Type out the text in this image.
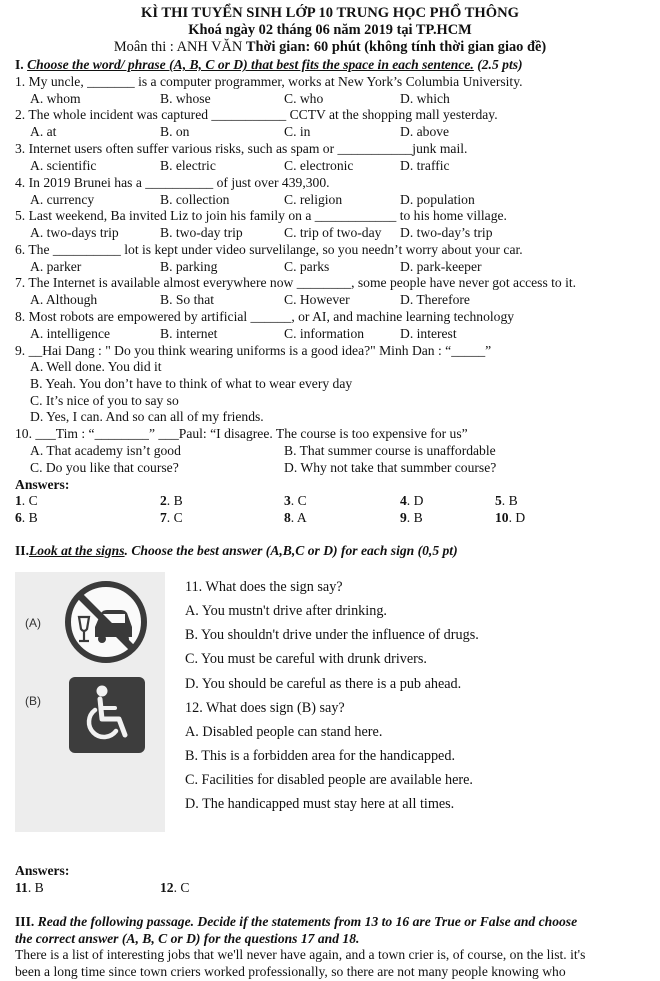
KÌ THI TUYỂN SINH LỚP 10 TRUNG HỌC PHỔ THÔNG
Khoá ngày 02 tháng 06 năm 2019 tại TP.HCM
Moân thi : ANH VĂN Thời gian: 60 phút (không tính thời gian giao đề)
I. Choose the word/ phrase (A, B, C or D) that best fits the space in each sentence. (2.5 pts)
1. My uncle, _______ is a computer programmer, works at New York’s Columbia University.
A. whom	B. whose	C. who	D. which
2. The whole incident was captured ___________ CCTV at the shopping mall yesterday.
A. at	B. on	C. in	D. above
3. Internet users often suffer various risks, such as spam or ___________junk mail.
A. scientific	B. electric	C. electronic	D. traffic
4. In 2019 Brunei has a __________ of just over 439,300.
A. currency	B. collection	C. religion	D. population
5. Last weekend, Ba invited Liz to join his family on a ____________ to his home village.
A. two-days trip	B. two-day trip	C. trip of two-day D. two-day’s trip
6. The __________ lot is kept under video survelilange, so you needn’t worry about your car.
A. parker	B. parking	C. parks	D. park-keeper
7. The Internet is available almost everywhere now ________, some people have never got access to it.
A. Although	B. So that	C. However	D. Therefore
8. Most robots are empowered by artificial ______, or AI, and machine learning technology
A. intelligence	B. internet	C. information	D. interest
9. __Hai Dang : " Do you think wearing uniforms is a good idea?" Minh Dan : “_____”
A. Well done. You did it
B. Yeah. You don’t have to think of what to wear every day
C. It’s nice of you to say so
D. Yes, I can. And so can all of my friends.
10. ___Tim : “________” ___Paul: “I disagree. The course is too expensive for us”
A. That academy isn’t good	B. That summer course is unaffordable
C. Do you like that course?	D. Why not take that summber course?
Answers:
1. C	2. B	3. C	4. D	5. B
6. B	7. C	8. A	9. B	10. D
II.Look at the signs. Choose the best answer (A,B,C or D) for each sign (0,5 pt)
(A)
(B)
11. What does the sign say?
A. You mustn't drive after drinking.
B. You shouldn't drive under the influence of drugs.
C. You must be careful with drunk drivers.
D. You should be careful as there is a pub ahead.
12. What does sign (B) say?
A. Disabled people can stand here.
B. This is a forbidden area for the handicapped.
C. Facilities for disabled people are available here.
D. The handicapped must stay here at all times.
Answers:
11. B	12. C
III. Read the following passage. Decide if the statements from 13 to 16 are True or False and choose
the correct answer (A, B, C or D) for the questions 17 and 18.
There is a list of interesting jobs that we'll never have again, and a town crier is, of course, on the list. it's
been a long time since town criers worked professionally, so there are not many people knowing who
